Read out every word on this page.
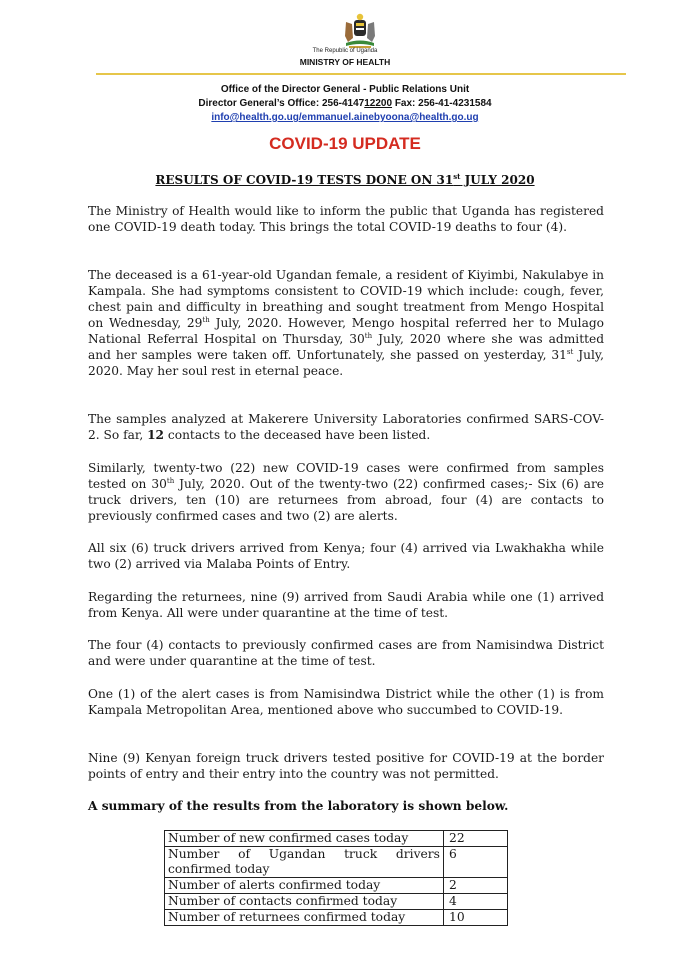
The Republic of Uganda
MINISTRY OF HEALTH
Office of the Director General - Public Relations Unit
Director General’s Office: 256-414712200 Fax: 256-41-4231584
info@health.go.ug/emmanuel.ainebyoona@health.go.ug
COVID-19 UPDATE
RESULTS OF COVID-19 TESTS DONE ON 31st JULY 2020

The Ministry of Health would like to inform the public that Uganda has registered one COVID-19 death today. This brings the total COVID-19 deaths to four (4).

The deceased is a 61-year-old Ugandan female, a resident of Kiyimbi, Nakulabye in Kampala. She had symptoms consistent to COVID-19 which include: cough, fever, chest pain and difficulty in breathing and sought treatment from Mengo Hospital on Wednesday, 29th July, 2020. However, Mengo hospital referred her to Mulago National Referral Hospital on Thursday, 30th July, 2020 where she was admitted and her samples were taken off. Unfortunately, she passed on yesterday, 31st July, 2020. May her soul rest in eternal peace.

The samples analyzed at Makerere University Laboratories confirmed SARS-COV-2. So far, 12 contacts to the deceased have been listed.

Similarly, twenty-two (22) new COVID-19 cases were confirmed from samples tested on 30th July, 2020. Out of the twenty-two (22) confirmed cases;- Six (6) are truck drivers, ten (10) are returnees from abroad, four (4) are contacts to previously confirmed cases and two (2) are alerts.

All six (6) truck drivers arrived from Kenya; four (4) arrived via Lwakhakha while two (2) arrived via Malaba Points of Entry.

Regarding the returnees, nine (9) arrived from Saudi Arabia while one (1) arrived from Kenya. All were under quarantine at the time of test.

The four (4) contacts to previously confirmed cases are from Namisindwa District and were under quarantine at the time of test.

One (1) of the alert cases is from Namisindwa District while the other (1) is from Kampala Metropolitan Area, mentioned above who succumbed to COVID-19.

Nine (9) Kenyan foreign truck drivers tested positive for COVID-19 at the border points of entry and their entry into the country was not permitted.

A summary of the results from the laboratory is shown below.

Number of new confirmed cases today	22
Number of Ugandan truck drivers confirmed today	6
Number of alerts confirmed today	2
Number of contacts confirmed today	4
Number of returnees confirmed today	10
